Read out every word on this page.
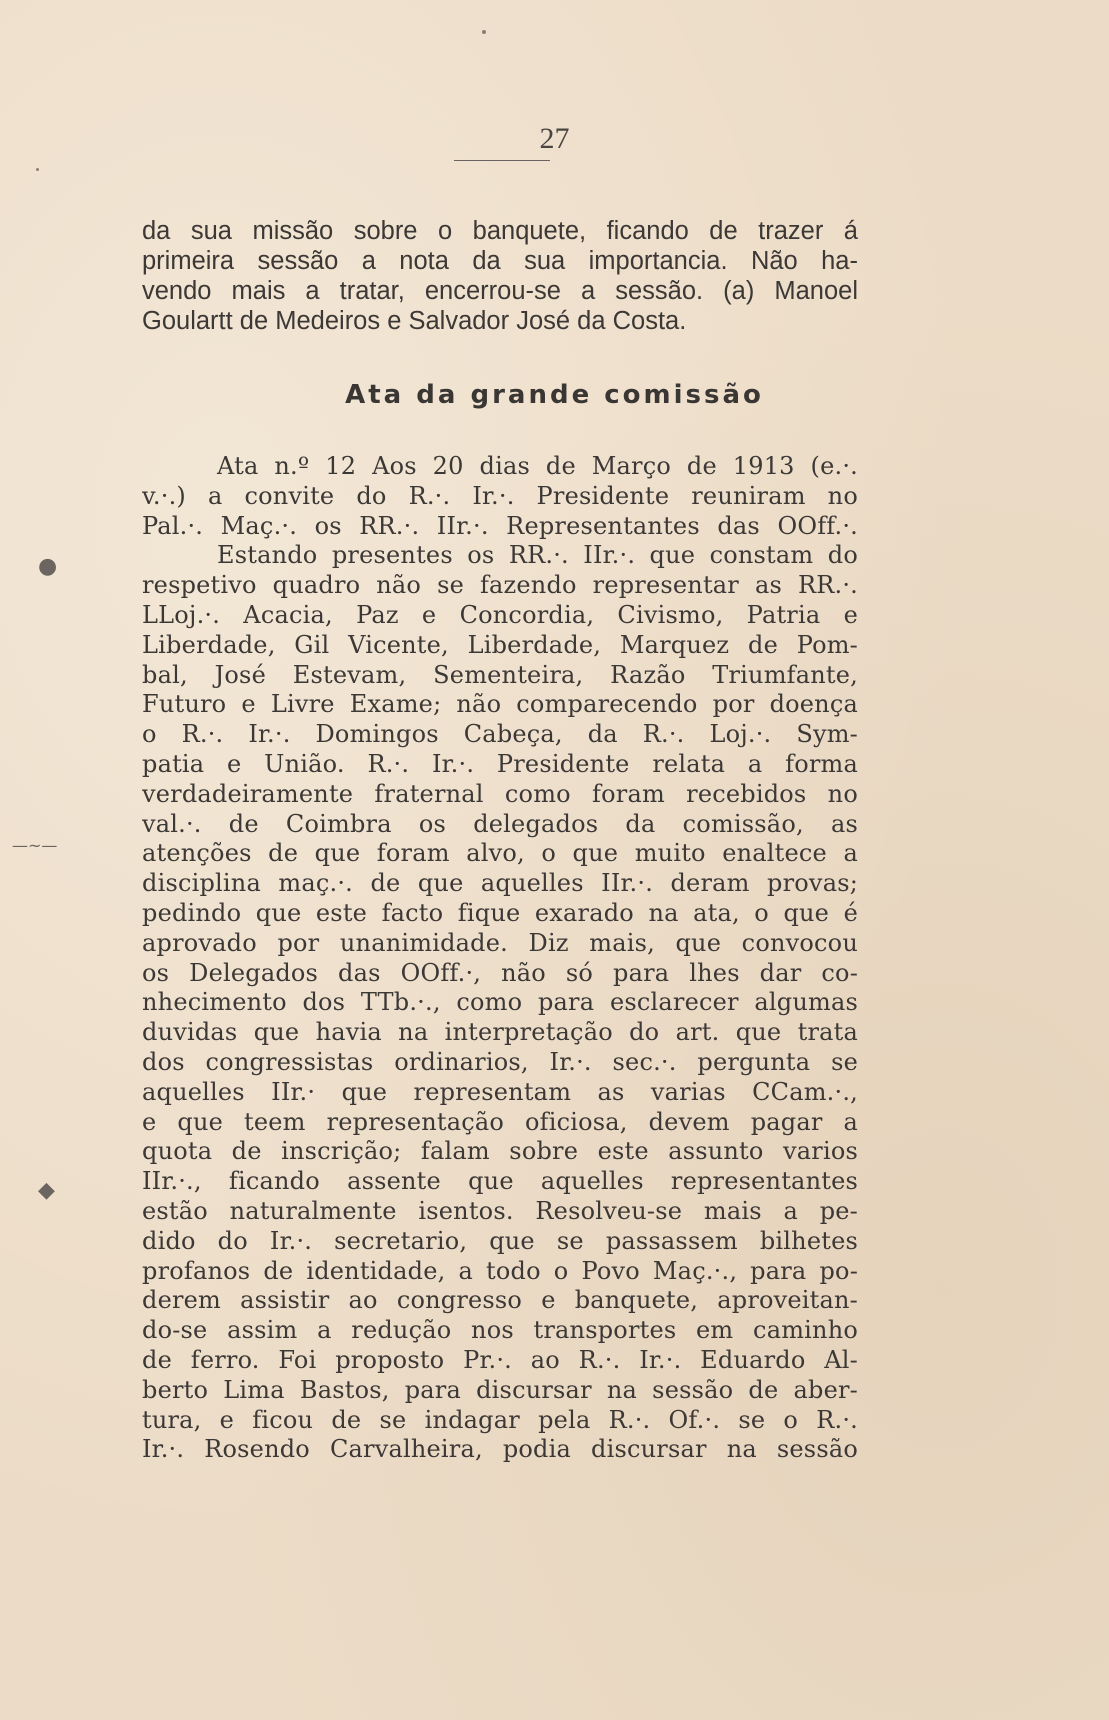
27
da sua missão sobre o banquete, ficando de trazer á
primeira sessão a nota da sua importancia. Não ha-
vendo mais a tratar, encerrou-se a sessão. (a) Manoel
Goulartt de Medeiros e Salvador José da Costa.
Ata da grande comissão
Ata n.º 12 Aos 20 dias de Março de 1913 (e.·.
v.·.) a convite do R.·. Ir.·. Presidente reuniram no
Pal.·. Maç.·. os RR.·. IIr.·. Representantes das OOff.·.
Estando presentes os RR.·. IIr.·. que constam do
respetivo quadro não se fazendo representar as RR.·.
LLoj.·. Acacia, Paz e Concordia, Civismo, Patria e
Liberdade, Gil Vicente, Liberdade, Marquez de Pom-
bal, José Estevam, Sementeira, Razão Triumfante,
Futuro e Livre Exame; não comparecendo por doença
o R.·. Ir.·. Domingos Cabeça, da R.·. Loj.·. Sym-
patia e União. R.·. Ir.·. Presidente relata a forma
verdadeiramente fraternal como foram recebidos no
val.·. de Coimbra os delegados da comissão, as
atenções de que foram alvo, o que muito enaltece a
disciplina maç.·. de que aquelles IIr.·. deram provas;
pedindo que este facto fique exarado na ata, o que é
aprovado por unanimidade. Diz mais, que convocou
os Delegados das OOff.·, não só para lhes dar co-
nhecimento dos TTb.·., como para esclarecer algumas
duvidas que havia na interpretação do art. que trata
dos congressistas ordinarios, Ir.·. sec.·. pergunta se
aquelles IIr.· que representam as varias CCam.·.,
e que teem representação oficiosa, devem pagar a
quota de inscrição; falam sobre este assunto varios
IIr.·., ficando assente que aquelles representantes
estão naturalmente isentos. Resolveu-se mais a pe-
dido do Ir.·. secretario, que se passassem bilhetes
profanos de identidade, a todo o Povo Maç.·., para po-
derem assistir ao congresso e banquete, aproveitan-
do-se assim a redução nos transportes em caminho
de ferro. Foi proposto Pr.·. ao R.·. Ir.·. Eduardo Al-
berto Lima Bastos, para discursar na sessão de aber-
tura, e ficou de se indagar pela R.·. Of.·. se o R.·.
Ir.·. Rosendo Carvalheira, podia discursar na sessão
●
—~—
◆
